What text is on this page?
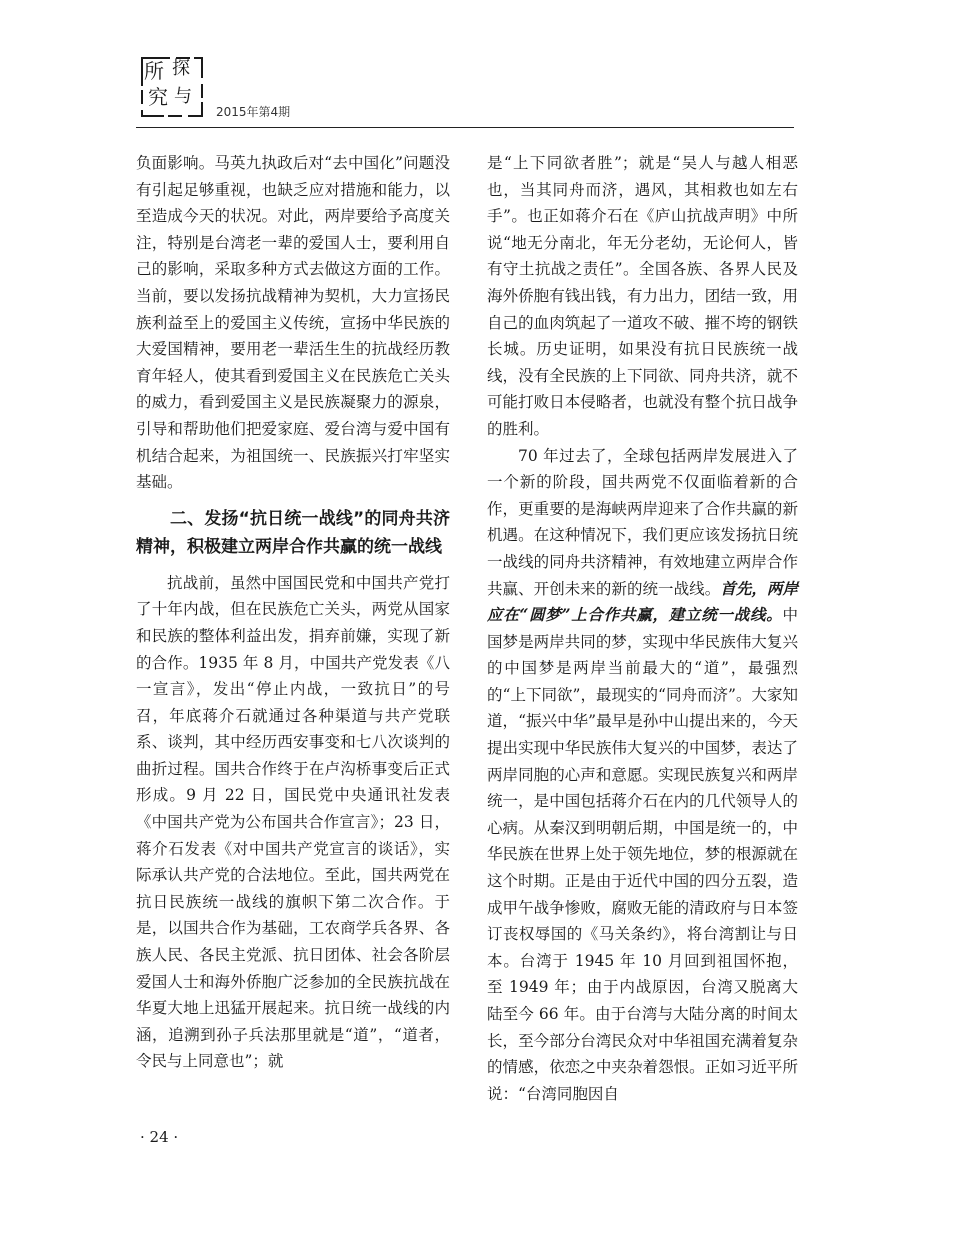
所 探
究 与
2015年第4期

负面影响。马英九执政后对“去中国化”问题没有引起足够重视，也缺乏应对措施和能力，以至造成今天的状况。对此，两岸要给予高度关注，特别是台湾老一辈的爱国人士，要利用自己的影响，采取多种方式去做这方面的工作。当前，要以发扬抗战精神为契机，大力宣扬民族利益至上的爱国主义传统，宣扬中华民族的大爱国精神，要用老一辈活生生的抗战经历教育年轻人，使其看到爱国主义在民族危亡关头的威力，看到爱国主义是民族凝聚力的源泉，引导和帮助他们把爱家庭、爱台湾与爱中国有机结合起来，为祖国统一、民族振兴打牢坚实基础。

二、发扬“抗日统一战线”的同舟共济精神，积极建立两岸合作共赢的统一战线

抗战前，虽然中国国民党和中国共产党打了十年内战，但在民族危亡关头，两党从国家和民族的整体利益出发，捐弃前嫌，实现了新的合作。1935 年 8 月，中国共产党发表《八一宣言》，发出“停止内战，一致抗日”的号召，年底蒋介石就通过各种渠道与共产党联系、谈判，其中经历西安事变和七八次谈判的曲折过程。国共合作终于在卢沟桥事变后正式形成。9 月 22 日，国民党中央通讯社发表《中国共产党为公布国共合作宣言》；23 日，蒋介石发表《对中国共产党宣言的谈话》，实际承认共产党的合法地位。至此，国共两党在抗日民族统一战线的旗帜下第二次合作。于是，以国共合作为基础，工农商学兵各界、各族人民、各民主党派、抗日团体、社会各阶层爱国人士和海外侨胞广泛参加的全民族抗战在华夏大地上迅猛开展起来。抗日统一战线的内涵，追溯到孙子兵法那里就是“道”，“道者，令民与上同意也”；就

是“上下同欲者胜”；就是“吴人与越人相恶也，当其同舟而济，遇风，其相救也如左右手”。也正如蒋介石在《庐山抗战声明》中所说“地无分南北，年无分老幼，无论何人，皆有守土抗战之责任”。全国各族、各界人民及海外侨胞有钱出钱，有力出力，团结一致，用自己的血肉筑起了一道攻不破、摧不垮的钢铁长城。历史证明，如果没有抗日民族统一战线，没有全民族的上下同欲、同舟共济，就不可能打败日本侵略者，也就没有整个抗日战争的胜利。

70 年过去了，全球包括两岸发展进入了一个新的阶段，国共两党不仅面临着新的合作，更重要的是海峡两岸迎来了合作共赢的新机遇。在这种情况下，我们更应该发扬抗日统一战线的同舟共济精神，有效地建立两岸合作共赢、开创未来的新的统一战线。首先，两岸应在“圆梦”上合作共赢，建立统一战线。中国梦是两岸共同的梦，实现中华民族伟大复兴的中国梦是两岸当前最大的“道”，最强烈的“上下同欲”，最现实的“同舟而济”。大家知道，“振兴中华”最早是孙中山提出来的，今天提出实现中华民族伟大复兴的中国梦，表达了两岸同胞的心声和意愿。实现民族复兴和两岸统一，是中国包括蒋介石在内的几代领导人的心病。从秦汉到明朝后期，中国是统一的，中华民族在世界上处于领先地位，梦的根源就在这个时期。正是由于近代中国的四分五裂，造成甲午战争惨败，腐败无能的清政府与日本签订丧权辱国的《马关条约》，将台湾割让与日本。台湾于 1945 年 10 月回到祖国怀抱，至 1949 年；由于内战原因，台湾又脱离大陆至今 66 年。由于台湾与大陆分离的时间太长，至今部分台湾民众对中华祖国充满着复杂的情感，依恋之中夹杂着怨恨。正如习近平所说：“台湾同胞因自

· 24 ·
